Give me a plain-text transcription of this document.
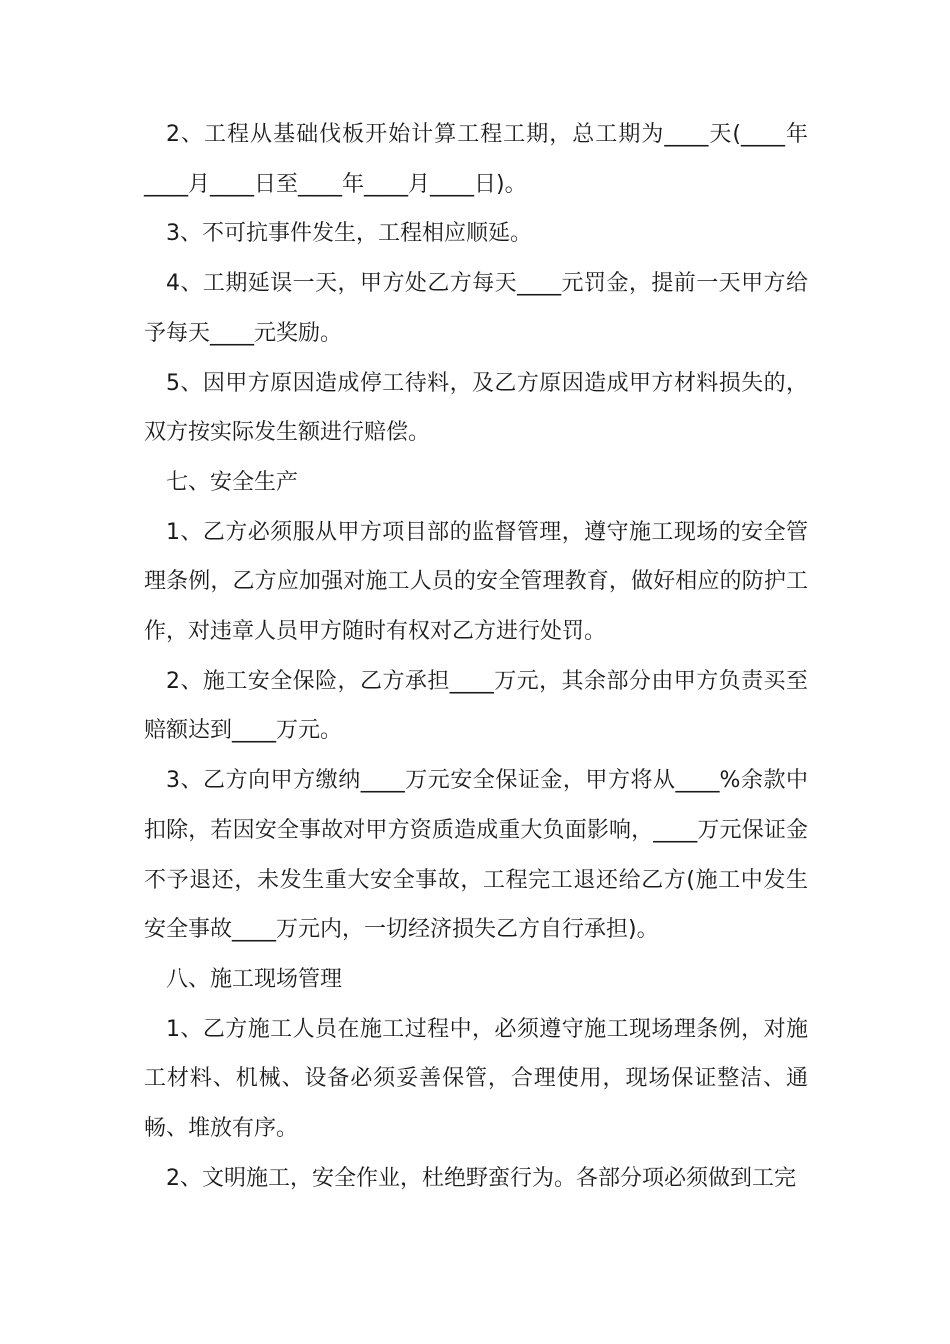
2、工程从基础伐板开始计算工程工期，总工期为____天(____年____月____日至____年____月____日)。

3、不可抗事件发生，工程相应顺延。

4、工期延误一天，甲方处乙方每天____元罚金，提前一天甲方给予每天____元奖励。

5、因甲方原因造成停工待料，及乙方原因造成甲方材料损失的，双方按实际发生额进行赔偿。

七、安全生产

1、乙方必须服从甲方项目部的监督管理，遵守施工现场的安全管理条例，乙方应加强对施工人员的安全管理教育，做好相应的防护工作，对违章人员甲方随时有权对乙方进行处罚。

2、施工安全保险，乙方承担____万元，其余部分由甲方负责买至赔额达到____万元。

3、乙方向甲方缴纳____万元安全保证金，甲方将从____%余款中扣除，若因安全事故对甲方资质造成重大负面影响，____万元保证金不予退还，未发生重大安全事故，工程完工退还给乙方(施工中发生安全事故____万元内，一切经济损失乙方自行承担)。

八、施工现场管理

1、乙方施工人员在施工过程中，必须遵守施工现场理条例，对施工材料、机械、设备必须妥善保管，合理使用，现场保证整洁、通畅、堆放有序。

2、文明施工，安全作业，杜绝野蛮行为。各部分项必须做到工完
